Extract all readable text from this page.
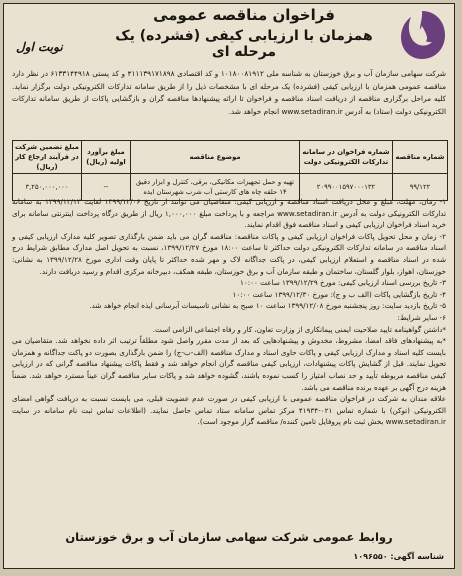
فراخوان مناقصه عمومی
همزمان با ارزیابی کیفی (فشرده) یک مرحله ای
نوبت اول
شرکت سهامی سازمان آب و برق خوزستان به شناسه ملی ۱۰۱۸۰۰۸۱۹۱۲ و کد اقتصادی ۴۱۱۱۳۹۱۷۱۸۹۸ و کد پستی ۶۱۳۳۱۴۴۹۱۸ در نظر دارد مناقصه عمومی همزمان با ارزیابی کیفی (فشرده) یک مرحله ای با مشخصات ذیل را از طریق سامانه تدارکات الکترونیکی دولت برگزار نماید. کلیه مراحل برگزاری مناقصه از دریافت اسناد مناقصه و فراخوان تا ارائه پیشنهادها مناقصه گران و بازگشایی پاکات از طریق سامانه تدارکات الکترونیکی دولت (ستاد) به آدرس www.setadiran.ir انجام خواهد شد.
شماره مناقصه	شماره فراخوان در سامانه تدارکات الکترونیکی دولت	موضوع مناقصه	مبلغ برآورد اولیه (ریال)	مبلغ تضمین شرکت در فرآیند ارجاع کار (ریال)
۹۹/۱۲۲	۲۰۹۹۰۰۱۵۹۷۰۰۰۱۳۲	تهیه و حمل تجهیزات مکانیکی، برقی، کنترل و ابزار دقیق ۱۴ حلقه چاه های کارستی آب شرب شهرستان ایذه	--	۳,۲۵۰,۰۰۰,۰۰۰

۱- زمان، مهلت، مبلغ و محل دریافت اسناد مناقصه و ارزیابی کیفی: متقاضیان می توانند از تاریخ ۱۳۹۹/۱۲/۰۶ لغایت ۱۳۹۹/۱۲/۱۳ به سامانه تدارکات الکترونیکی دولت به آدرس www.setadiran.ir مراجعه و با پرداخت مبلغ ۱,۰۰۰,۰۰۰ ریال از طریق درگاه پرداخت اینترنتی سامانه برای خرید اسناد فراخوان ارزیابی کیفی و اسناد مناقصه فوق اقدام نمایند.

۲- زمان و محل تحویل پاکات فراخوان ارزیابی کیفی و پاکات مناقصه: مناقصه گران می باید ضمن بارگذاری تصویر کلیه مدارک ارزیابی کیفی و اسناد مناقصه در سامانه تدارکات الکترونیکی دولت حداکثر تا ساعت ۱۸:۰۰ مورخ ۱۳۹۹/۱۲/۲۷، نسبت به تحویل اصل مدارک مطابق شرایط درج شده در اسناد مناقصه و استعلام ارزیابی کیفی، در پاکت جداگانه لاک و مهر شده حداکثر تا پایان وقت اداری مورخ ۱۳۹۹/۱۲/۲۸ به نشانی: خوزستان، اهواز، بلوار گلستان، ساختمان و طبقه سازمان آب و برق خوزستان، طبقه همکف، دبیرخانه مرکزی اقدام و رسید دریافت دارند.

۳- تاریخ بررسی اسناد ارزیابی کیفی: مورخ ۱۳۹۹/۱۲/۲۹ ساعت ۱۰:۰۰

۴- تاریخ بازگشایی پاکات (الف ب و ج): مورخ ۱۳۹۹/۱۲/۳۰ ساعت ۱۰:۰۰

۵- تاریخ بازدید سایت: روز پنجشنبه مورخ ۱۳۹۹/۱۲/۰۸ ساعت ۱۰ صبح به نشانی تاسیسات آبرسانی ایذه انجام خواهد شد.

۶- سایر شرایط:

*داشتن گواهینامه تایید صلاحیت ایمنی پیمانکاری از وزارت تعاون، کار و رفاه اجتماعی الزامی است.

*به پیشنهادهای فاقد امضا، مشروط، مخدوش و پیشنهادهایی که بعد از مدت مقرر واصل شود مطلقاً ترتیب اثر داده نخواهد شد. متقاضیان می بایست کلیه اسناد و مدارک ارزیابی کیفی و پاکات حاوی اسناد و مدارک مناقصه (الف-ب-ج) را ضمن بارگذاری بصورت دو پاکت جداگانه و همزمان تحویل نمایند. قبل از گشایش پاکات پیشنهادات، ارزیابی کیفی مناقصه گران انجام خواهد شد و فقط پاکات پیشنهاد مناقصه گرانی که در ارزیابی کیفی مناقصه مربوطه تأیید و حد نصاب امتیاز را کسب نموده باشند، گشوده خواهد شد و پاکات سایر مناقصه گران عیناً مسترد خواهد شد. ضمناً هزینه درج آگهی بر عهده برنده مناقصه می باشد.

علاقه مندان به شرکت در فراخوان مناقصه عمومی با ارزیابی کیفی در صورت عدم عضویت قبلی، می بایست نسبت به دریافت گواهی امضای الکترونیکی (توکن) با شماره تماس ۰۲۱-۴۱۹۳۴ مرکز تماس سامانه ستاد تماس حاصل نمایند. (اطلاعات تماس ثبت نام سامانه در سایت www.setadiran.ir بخش ثبت نام پروفایل تامین کننده/ مناقصه گزار موجود است).

روابط عمومی شرکت سهامی سازمان آب و برق خوزستان
شناسه آگهی: ۱۰۹۶۵۵۰
